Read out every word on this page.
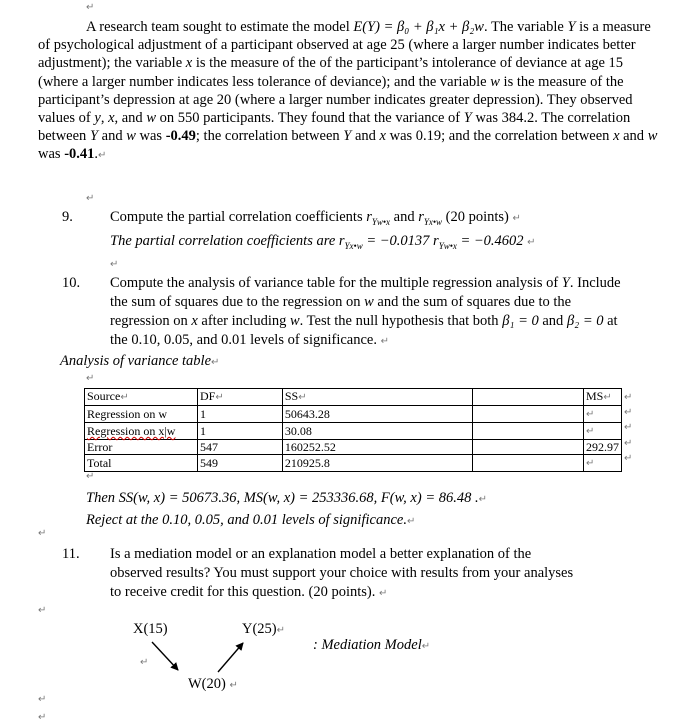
↵

A research team sought to estimate the model E(Y) = β₀ + β₁x + β₂w. The variable Y is a measure of psychological adjustment of a participant observed at age 25 (where a larger number indicates better adjustment); the variable x is the measure of the of the participant’s intolerance of deviance at age 15 (where a larger number indicates less tolerance of deviance); and the variable w is the measure of the participant’s depression at age 20 (where a larger number indicates greater depression). They observed values of y, x, and w on 550 participants. They found that the variance of Y was 384.2. The correlation between Y and w was -0.49; the correlation between Y and x was 0.19; and the correlation between x and w was -0.41.↵

↵
9.	Compute the partial correlation coefficients $r_{Yw•x}$ and $r_{Yx•w}$ (20 points) ↵
The partial correlation coefficients are $r_{Yx•w} = -0.0137$ $r_{Yw•x} = -0.4602$ ↵
↵
10. Compute the analysis of variance table for the multiple regression analysis of Y. Include the sum of squares due to the regression on w and the sum of squares due to the regression on x after including w. Test the null hypothesis that both β₁ = 0 and β₂ = 0 at the 0.10, 0.05, and 0.01 levels of significance. ↵
Analysis of variance table↵
↵
Source↵	DF↵	SS↵		MS↵
Regression on w	1	50643.28		↵
Regression on x|w	1	30.08		↵
Error	547	160252.52		292.97
Total	549	210925.8		↵
↵
↵
↵
↵
↵
↵
Then SS(w, x) = 50673.36, MS(w, x) = 253336.68, F(w, x) = 86.48 .↵
Reject at the 0.10, 0.05, and 0.01 levels of significance.↵
↵
11. Is a mediation model or an explanation model a better explanation of the observed results? You must support your choice with results from your analyses to receive credit for this question. (20 points). ↵
↵
X(15)	Y(25)↵
: Mediation Model↵
↵
W(20) ↵
↵
↵
